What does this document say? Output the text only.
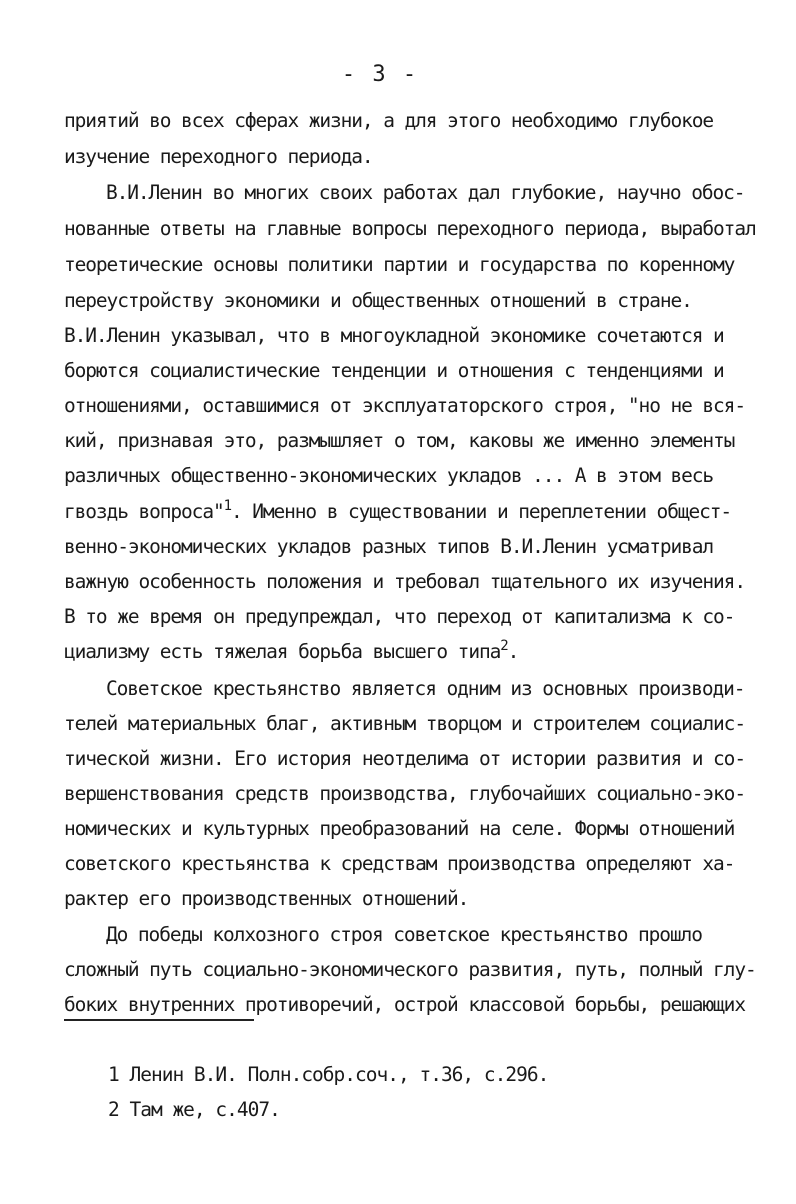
- 3 -
приятий во всех сферах жизни, а для этого необходимо глубокое
изучение переходного периода.
В.И.Ленин во многих своих работах дал глубокие, научно обос-
нованные ответы на главные вопросы переходного периода, выработал
теоретические основы политики партии и государства по коренному
переустройству экономики и общественных отношений в стране.
В.И.Ленин указывал, что в многоукладной экономике сочетаются и
борются социалистические тенденции и отношения с тенденциями и
отношениями, оставшимися от эксплуататорского строя, "но не вся-
кий, признавая это, размышляет о том, каковы же именно элементы
различных общественно-экономических укладов ... А в этом весь
гвоздь вопроса"$^1$. Именно в существовании и переплетении общест-
венно-экономических укладов разных типов В.И.Ленин усматривал
важную особенность положения и требовал тщательного их изучения.
В то же время он предупреждал, что переход от капитализма к со-
циализму есть тяжелая борьба высшего типа$^2$.
Советское крестьянство является одним из основных производи-
телей материальных благ, активным творцом и строителем социалис-
тической жизни. Его история неотделима от истории развития и со-
вершенствования средств производства, глубочайших социально-эко-
номических и культурных преобразований на селе. Формы отношений
советского крестьянства к средствам производства определяют ха-
рактер его производственных отношений.
До победы колхозного строя советское крестьянство прошло
сложный путь социально-экономического развития, путь, полный глу-
боких внутренних противоречий, острой классовой борьбы, решающих
1 Ленин В.И. Полн.собр.соч., т.36, с.296.
2 Там же, с.407.
